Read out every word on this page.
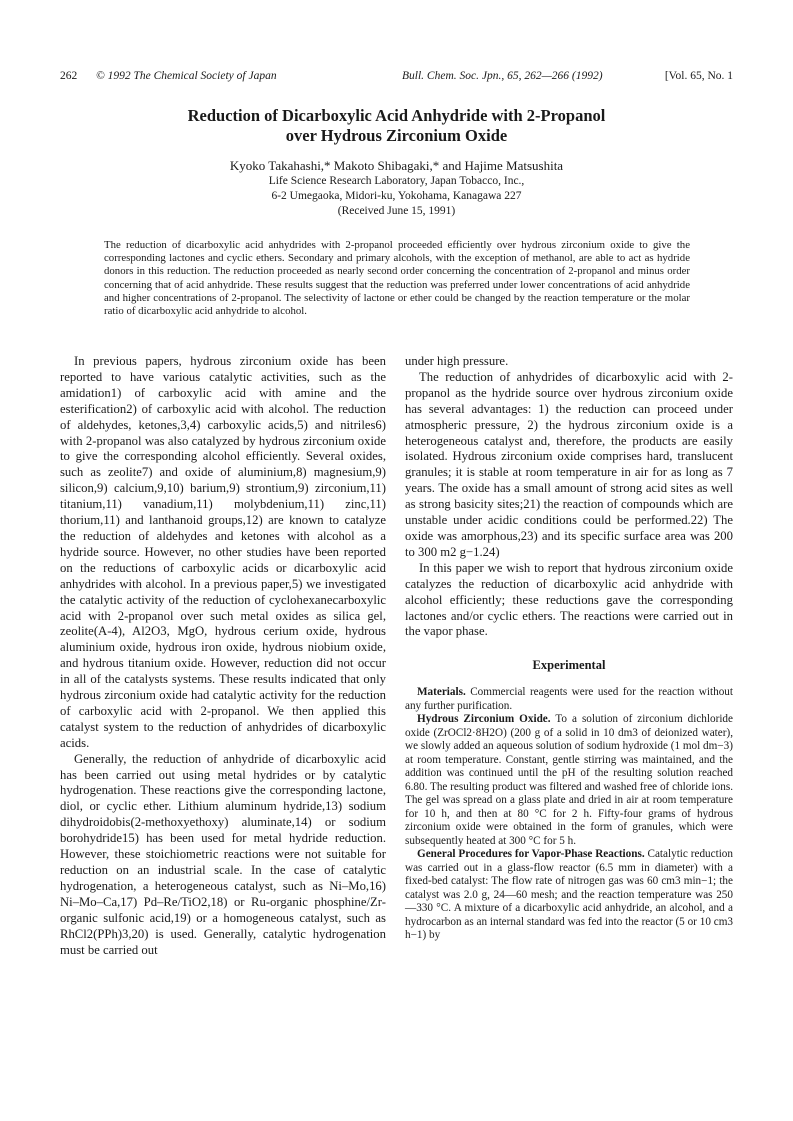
262 © 1992 The Chemical Society of Japan	Bull. Chem. Soc. Jpn., 65, 262—266 (1992)	[Vol. 65, No. 1
Reduction of Dicarboxylic Acid Anhydride with 2-Propanol
over Hydrous Zirconium Oxide
Kyoko Takahashi,* Makoto Shibagaki,* and Hajime Matsushita
Life Science Research Laboratory, Japan Tobacco, Inc.,
6-2 Umegaoka, Midori-ku, Yokohama, Kanagawa 227
(Received June 15, 1991)

The reduction of dicarboxylic acid anhydrides with 2-propanol proceeded efficiently over hydrous zirconium oxide to give the corresponding lactones and cyclic ethers. Secondary and primary alcohols, with the exception of methanol, are able to act as hydride donors in this reduction. The reduction proceeded as nearly second order concerning the concentration of 2-propanol and minus order concerning that of acid anhydride. These results suggest that the reduction was preferred under lower concentrations of acid anhydride and higher concentrations of 2-propanol. The selectivity of lactone or ether could be changed by the reaction temperature or the molar ratio of dicarboxylic acid anhydride to alcohol.

In previous papers, hydrous zirconium oxide has been reported to have various catalytic activities, such as the amidation1) of carboxylic acid with amine and the esterification2) of carboxylic acid with alcohol. The reduction of aldehydes, ketones,3,4) carboxylic acids,5) and nitriles6) with 2-propanol was also catalyzed by hydrous zirconium oxide to give the corresponding alcohol efficiently. Several oxides, such as zeolite7) and oxide of aluminium,8) magnesium,9) silicon,9) calcium,9,10) barium,9) strontium,9) zirconium,11) titanium,11) vanadium,11) molybdenium,11) zinc,11) thorium,11) and lanthanoid groups,12) are known to catalyze the reduction of aldehydes and ketones with alcohol as a hydride source. However, no other studies have been reported on the reductions of carboxylic acids or dicarboxylic acid anhydrides with alcohol. In a previous paper,5) we investigated the catalytic activity of the reduction of cyclohexanecarboxylic acid with 2-propanol over such metal oxides as silica gel, zeolite(A-4), Al2O3, MgO, hydrous cerium oxide, hydrous aluminium oxide, hydrous iron oxide, hydrous niobium oxide, and hydrous titanium oxide. However, reduction did not occur in all of the catalysts systems. These results indicated that only hydrous zirconium oxide had catalytic activity for the reduction of carboxylic acid with 2-propanol. We then applied this catalyst system to the reduction of anhydrides of dicarboxylic acids.

Generally, the reduction of anhydride of dicarboxylic acid has been carried out using metal hydrides or by catalytic hydrogenation. These reactions give the corresponding lactone, diol, or cyclic ether. Lithium aluminum hydride,13) sodium dihydroidobis(2-methoxyethoxy) aluminate,14) or sodium borohydride15) has been used for metal hydride reduction. However, these stoichiometric reactions were not suitable for reduction on an industrial scale. In the case of catalytic hydrogenation, a heterogeneous catalyst, such as Ni–Mo,16) Ni–Mo–Ca,17) Pd–Re/TiO2,18) or Ru-organic phosphine/Zr-organic sulfonic acid,19) or a homogeneous catalyst, such as RhCl2(PPh)3,20) is used. Generally, catalytic hydrogenation must be carried out

under high pressure.

The reduction of anhydrides of dicarboxylic acid with 2-propanol as the hydride source over hydrous zirconium oxide has several advantages: 1) the reduction can proceed under atmospheric pressure, 2) the hydrous zirconium oxide is a heterogeneous catalyst and, therefore, the products are easily isolated. Hydrous zirconium oxide comprises hard, translucent granules; it is stable at room temperature in air for as long as 7 years. The oxide has a small amount of strong acid sites as well as strong basicity sites;21) the reaction of compounds which are unstable under acidic conditions could be performed.22) The oxide was amorphous,23) and its specific surface area was 200 to 300 m2 g−1.24)

In this paper we wish to report that hydrous zirconium oxide catalyzes the reduction of dicarboxylic acid anhydride with alcohol efficiently; these reductions gave the corresponding lactones and/or cyclic ethers. The reactions were carried out in the vapor phase.

Experimental

Materials. Commercial reagents were used for the reaction without any further purification.

Hydrous Zirconium Oxide. To a solution of zirconium dichloride oxide (ZrOCl2·8H2O) (200 g of a solid in 10 dm3 of deionized water), we slowly added an aqueous solution of sodium hydroxide (1 mol dm−3) at room temperature. Constant, gentle stirring was maintained, and the addition was continued until the pH of the resulting solution reached 6.80. The resulting product was filtered and washed free of chloride ions. The gel was spread on a glass plate and dried in air at room temperature for 10 h, and then at 80 °C for 2 h. Fifty-four grams of hydrous zirconium oxide were obtained in the form of granules, which were subsequently heated at 300 °C for 5 h.

General Procedures for Vapor-Phase Reactions. Catalytic reduction was carried out in a glass-flow reactor (6.5 mm in diameter) with a fixed-bed catalyst: The flow rate of nitrogen gas was 60 cm3 min−1; the catalyst was 2.0 g, 24—60 mesh; and the reaction temperature was 250—330 °C. A mixture of a dicarboxylic acid anhydride, an alcohol, and a hydrocarbon as an internal standard was fed into the reactor (5 or 10 cm3 h−1) by
